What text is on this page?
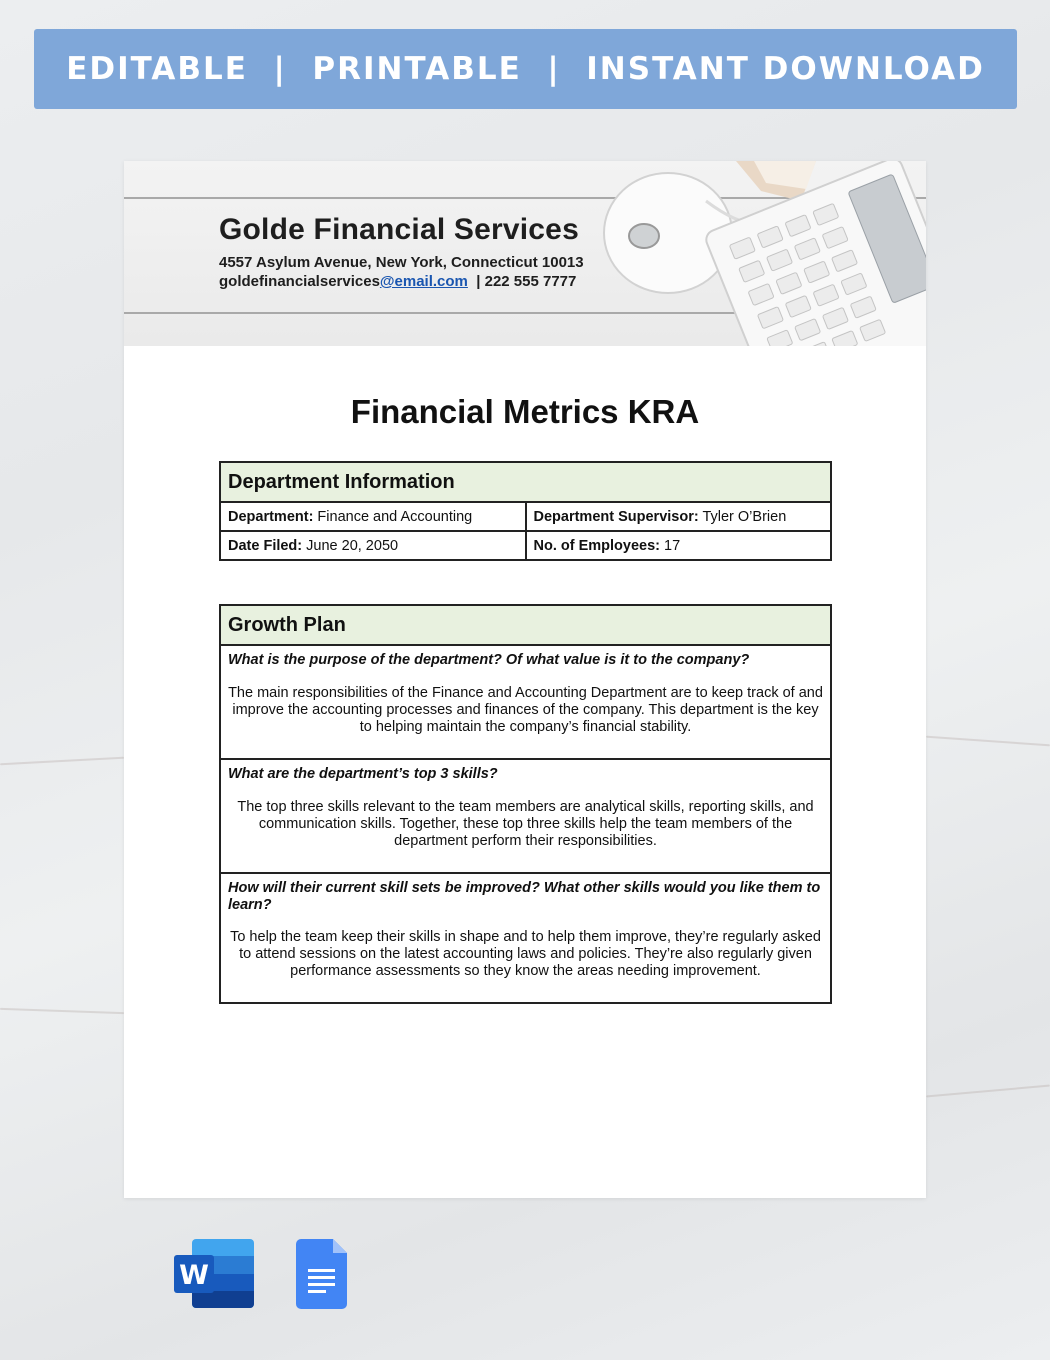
EDITABLE  |  PRINTABLE  |  INSTANT DOWNLOAD
Golde Financial Services
4557 Asylum Avenue, New York, Connecticut 10013
goldefinancialservices@email.com  | 222 555 7777
Financial Metrics KRA
Department Information	
Department: Finance and Accounting	Department Supervisor: Tyler O’Brien
Date Filed: June 20, 2050	No. of Employees: 17
Growth Plan

What is the purpose of the department? Of what value is it to the company?
The main responsibilities of the Finance and Accounting Department are to keep track of and improve the accounting processes and finances of the company. This department is the key to helping maintain the company’s financial stability.

What are the department’s top 3 skills?
The top three skills relevant to the team members are analytical skills, reporting skills, and communication skills. Together, these top three skills help the team members of the department perform their responsibilities.

How will their current skill sets be improved? What other skills would you like them to learn?
To help the team keep their skills in shape and to help them improve, they’re regularly asked to attend sessions on the latest accounting laws and policies. They’re also regularly given performance assessments so they know the areas needing improvement.
W
